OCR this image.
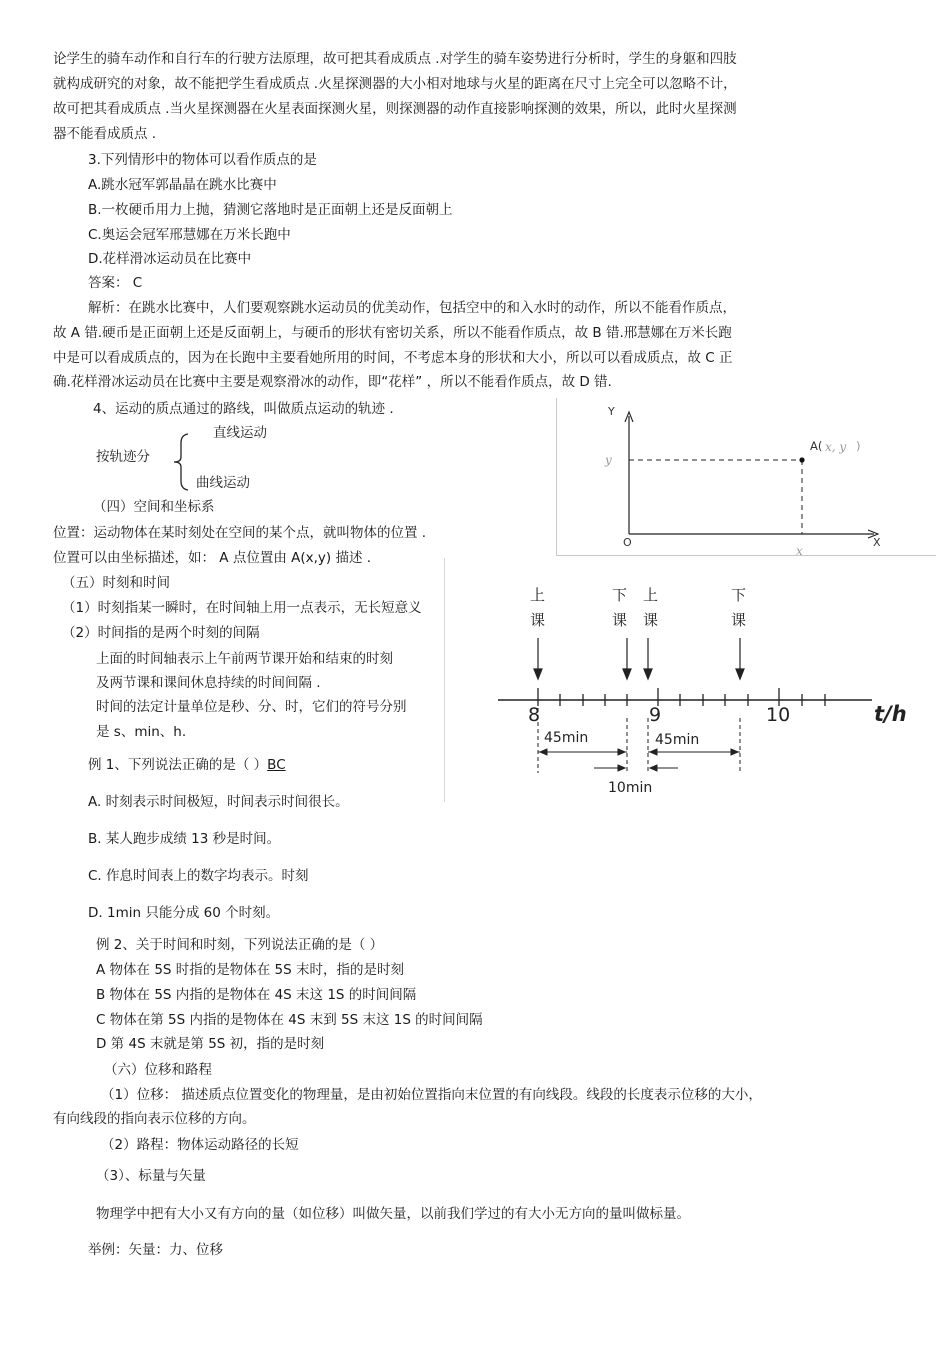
论学生的骑车动作和自行车的行驶方法原理，故可把其看成质点 .对学生的骑车姿势进行分析时，学生的身躯和四肢
就构成研究的对象，故不能把学生看成质点 .火星探测器的大小相对地球与火星的距离在尺寸上完全可以忽略不计，
故可把其看成质点 .当火星探测器在火星表面探测火星，则探测器的动作直接影响探测的效果，所以，此时火星探测
器不能看成质点 .
3.下列情形中的物体可以看作质点的是
A.跳水冠军郭晶晶在跳水比赛中
B.一枚硬币用力上抛，猜测它落地时是正面朝上还是反面朝上
C.奥运会冠军邢慧娜在万米长跑中
D.花样滑冰运动员在比赛中
答案： C
解析：在跳水比赛中，人们要观察跳水运动员的优美动作，包括空中的和入水时的动作，所以不能看作质点，
故 A 错.硬币是正面朝上还是反面朝上，与硬币的形状有密切关系，所以不能看作质点，故 B 错.邢慧娜在万米长跑
中是可以看成质点的，因为在长跑中主要看她所用的时间，不考虑本身的形状和大小，所以可以看成质点，故 C 正
确.花样滑冰运动员在比赛中主要是观察滑冰的动作，即“花样” ，所以不能看作质点，故 D 错.
4、运动的质点通过的路线，叫做质点运动的轨迹 .
按轨迹分
直线运动
曲线运动
（四）空间和坐标系
位置：运动物体在某时刻处在空间的某个点，就叫物体的位置 .
位置可以由坐标描述，如： A 点位置由 A(x,y) 描述 .
Y
X
O
y
x
A( x, y )
（五）时刻和时间
（1）时刻指某一瞬时，在时间轴上用一点表示，无长短意义
（2）时间指的是两个时刻的间隔
上面的时间轴表示上午前两节课开始和结束的时刻
及两节课和课间休息持续的时间间隔 .
时间的法定计量单位是秒、分、时，它们的符号分别
是 s、min、h.
上
课
下
课
上
课
下
课
8	9	10	t/h
45min	45min
10min
例 1、下列说法正确的是（ ）BC
A. 时刻表示时间极短，时间表示时间很长。
B. 某人跑步成绩 13 秒是时间。
C. 作息时间表上的数字均表示。时刻
D. 1min 只能分成 60 个时刻。
例 2、关于时间和时刻，下列说法正确的是（ ）
A 物体在 5S 时指的是物体在 5S 末时，指的是时刻
B 物体在 5S 内指的是物体在 4S 末这 1S 的时间间隔
C 物体在第 5S 内指的是物体在 4S 末到 5S 末这 1S 的时间间隔
D 第 4S 末就是第 5S 初，指的是时刻
（六）位移和路程
（1）位移： 描述质点位置变化的物理量，是由初始位置指向末位置的有向线段。线段的长度表示位移的大小，
有向线段的指向表示位移的方向。
（2）路程：物体运动路径的长短
（3）、标量与矢量
物理学中把有大小又有方向的量（如位移）叫做矢量，以前我们学过的有大小无方向的量叫做标量。
举例：矢量：力、位移
